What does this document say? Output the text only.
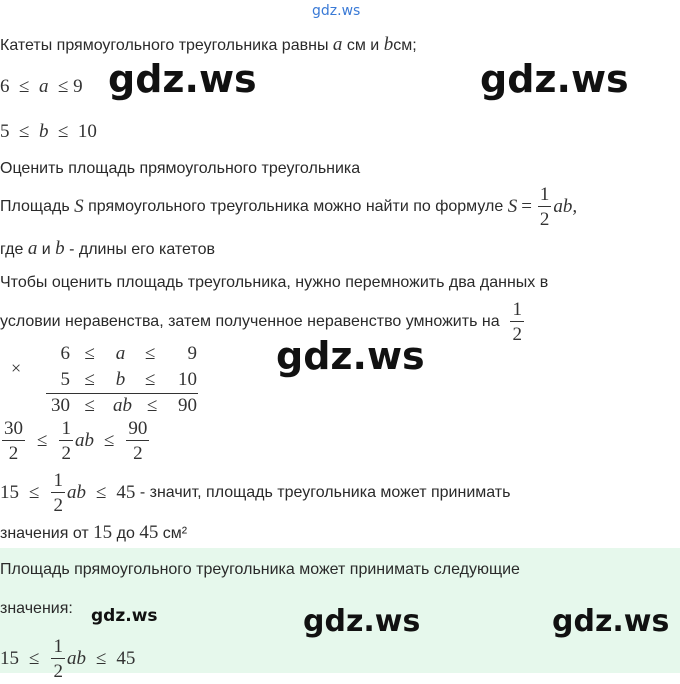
gdz.ws
Катеты прямоугольного треугольника равны a см и bсм;
6 ≤ a ≤ 9
5 ≤ b ≤ 10
Оценить площадь прямоугольного треугольника
Площадь
S
прямоугольного треугольника можно найти по формуле
$S = \frac{1}{2}$ ab,
где a и b - длины его катетов
Чтобы оценить площадь треугольника, нужно перемножить два данных в
условии неравенства, затем полученное неравенство умножить на
$\frac{1}{2}$
×
6 ≤ a ≤ 9
5 ≤ b ≤ 10
30 ≤ ab ≤ 90
$\frac{30}{2} \le \frac{1}{2}$ ab ≤ $\frac{90}{2}$
$15 \le \frac{1}{2}$ ab ≤ 45
- значит, площадь треугольника может принимать
значения от 15 до 45 см²
Площадь прямоугольного треугольника может принимать следующие
значения:
$15 \le \frac{1}{2}$ ab ≤ 45
gdz.ws	gdz.ws
gdz.ws
gdz.ws	gdz.ws
gdz.ws
